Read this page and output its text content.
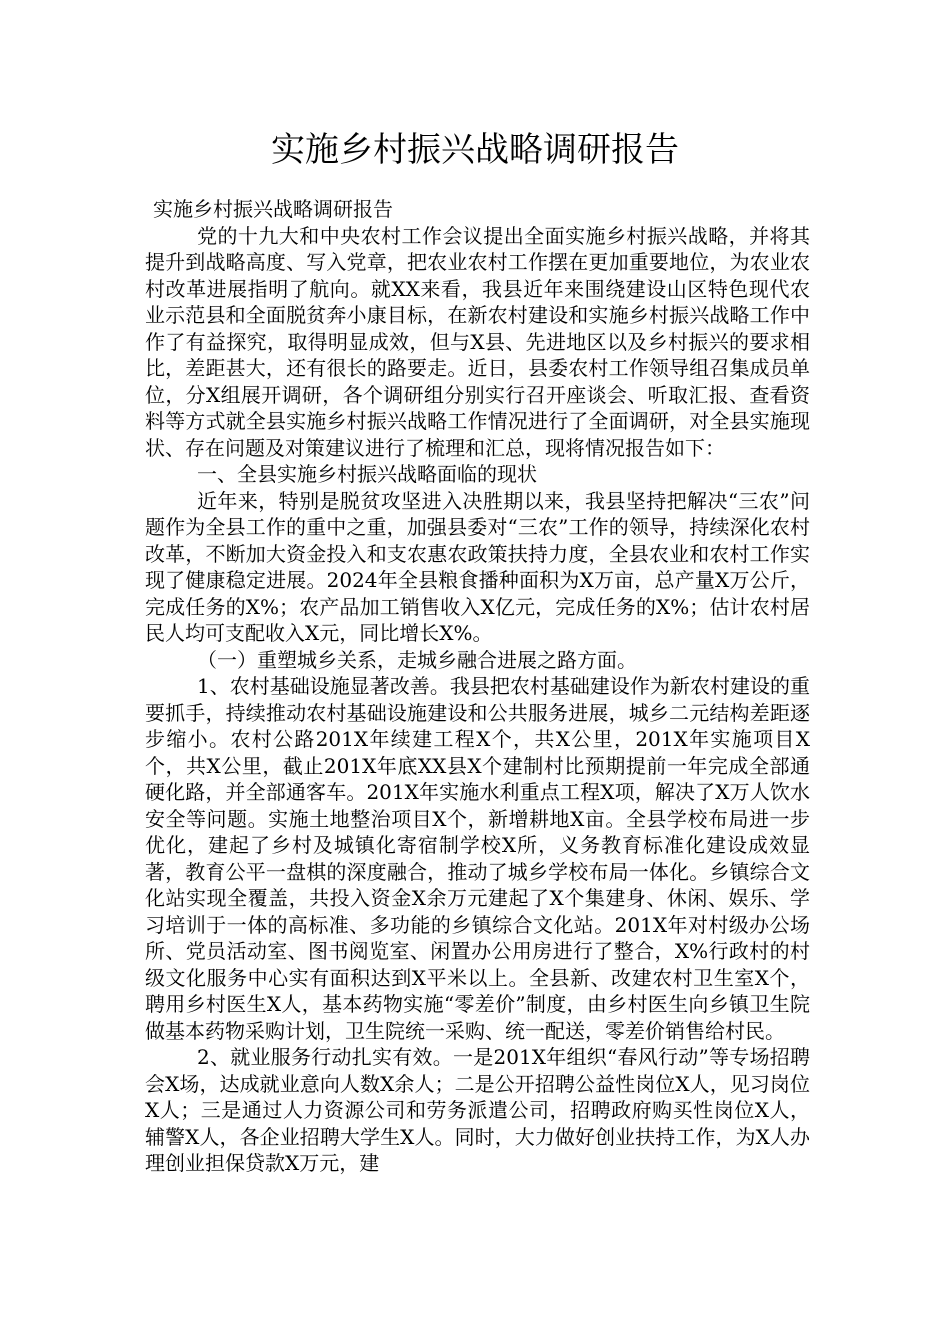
实施乡村振兴战略调研报告

实施乡村振兴战略调研报告

党的十九大和中央农村工作会议提出全面实施乡村振兴战略，并将其提升到战略高度、写入党章，把农业农村工作摆在更加重要地位，为农业农村改革进展指明了航向。就XX来看，我县近年来围绕建设山区特色现代农业示范县和全面脱贫奔小康目标，在新农村建设和实施乡村振兴战略工作中作了有益探究，取得明显成效，但与X县、先进地区以及乡村振兴的要求相比，差距甚大，还有很长的路要走。近日，县委农村工作领导组召集成员单位，分X组展开调研，各个调研组分别实行召开座谈会、听取汇报、查看资料等方式就全县实施乡村振兴战略工作情况进行了全面调研，对全县实施现状、存在问题及对策建议进行了梳理和汇总，现将情况报告如下：

一、全县实施乡村振兴战略面临的现状

近年来，特别是脱贫攻坚进入决胜期以来，我县坚持把解决“三农”问题作为全县工作的重中之重，加强县委对“三农”工作的领导，持续深化农村改革，不断加大资金投入和支农惠农政策扶持力度，全县农业和农村工作实现了健康稳定进展。2024年全县粮食播种面积为X万亩，总产量X万公斤，完成任务的X%；农产品加工销售收入X亿元，完成任务的X%；估计农村居民人均可支配收入X元，同比增长X%。

（一）重塑城乡关系，走城乡融合进展之路方面。

1、农村基础设施显著改善。我县把农村基础建设作为新农村建设的重要抓手，持续推动农村基础设施建设和公共服务进展，城乡二元结构差距逐步缩小。农村公路201X年续建工程X个，共X公里，201X年实施项目X个，共X公里，截止201X年底XX县X个建制村比预期提前一年完成全部通硬化路，并全部通客车。201X年实施水利重点工程X项，解决了X万人饮水安全等问题。实施土地整治项目X个，新增耕地X亩。全县学校布局进一步优化，建起了乡村及城镇化寄宿制学校X所，义务教育标准化建设成效显著，教育公平一盘棋的深度融合，推动了城乡学校布局一体化。乡镇综合文化站实现全覆盖，共投入资金X余万元建起了X个集建身、休闲、娱乐、学习培训于一体的高标准、多功能的乡镇综合文化站。201X年对村级办公场所、党员活动室、图书阅览室、闲置办公用房进行了整合，X%行政村的村级文化服务中心实有面积达到X平米以上。全县新、改建农村卫生室X个，聘用乡村医生X人，基本药物实施“零差价”制度，由乡村医生向乡镇卫生院做基本药物采购计划，卫生院统一采购、统一配送，零差价销售给村民。

2、就业服务行动扎实有效。一是201X年组织“春风行动”等专场招聘会X场，达成就业意向人数X余人；二是公开招聘公益性岗位X人，见习岗位X人；三是通过人力资源公司和劳务派遣公司，招聘政府购买性岗位X人，辅警X人，各企业招聘大学生X人。同时，大力做好创业扶持工作，为X人办理创业担保贷款X万元，建
